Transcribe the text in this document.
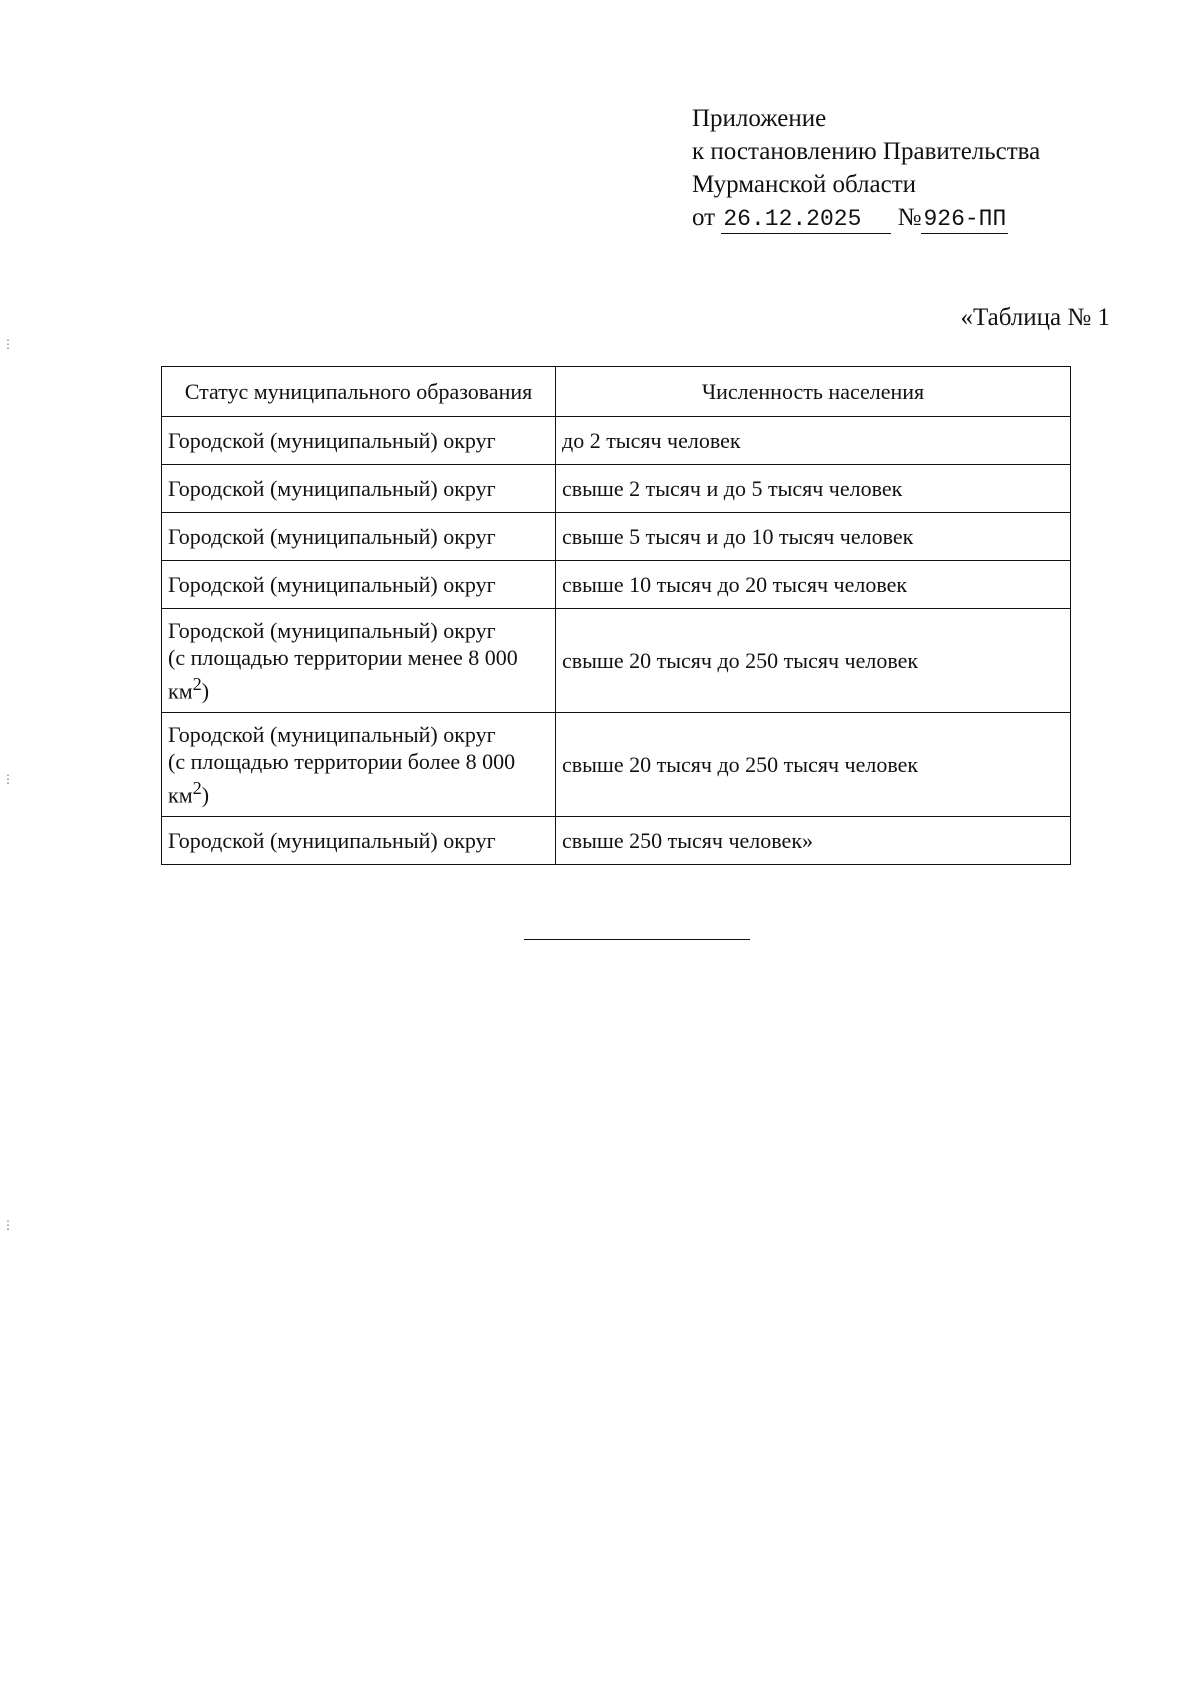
Приложение
к постановлению Правительства
Мурманской области
от 26.12.2025 №926-ПП
«Таблица № 1
Статус муниципального образования	Численность населения
Городской (муниципальный) округ	до 2 тысяч человек
Городской (муниципальный) округ	свыше 2 тысяч и до 5 тысяч человек
Городской (муниципальный) округ	свыше 5 тысяч и до 10 тысяч человек
Городской (муниципальный) округ	свыше 10 тысяч до 20 тысяч человек

Городской (муниципальный) округ
(с площадью территории менее 8 000
$км^2$)	свыше 20 тысяч до 250 тысяч человек

Городской (муниципальный) округ
(с площадью территории более 8 000
$км^2$)	свыше 20 тысяч до 250 тысяч человек
Городской (муниципальный) округ	свыше 250 тысяч человек»
⋮
⋮
⋮
